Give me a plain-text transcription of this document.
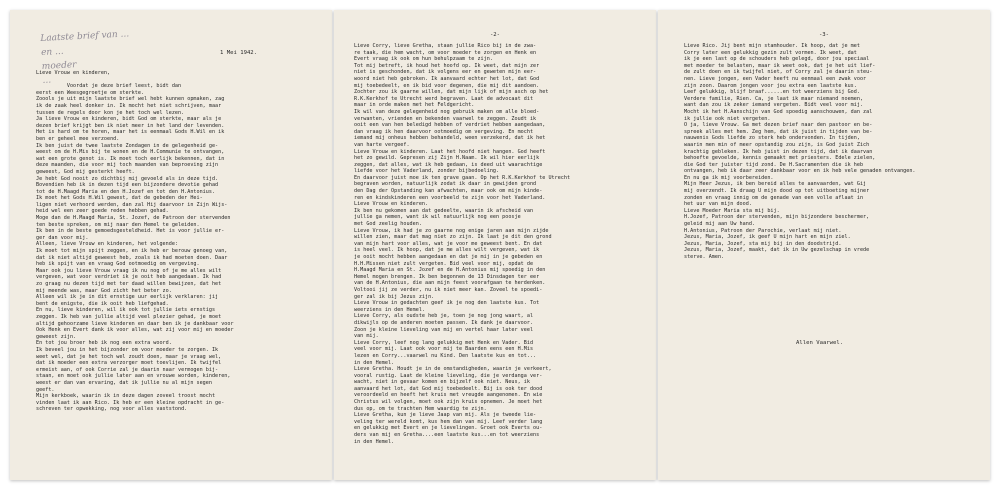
Laatste brief van ...
en ...
moeder
...
1 Mei 1942.
Lieve Vrouw en kinderen,

Voordat je deze brief leest, bidt dan
eerst een Weesgegroetje om sterkte.
Zoools je uit mijn laatste brief wel hebt kunnen opmaken, zag
ik de zaak heel donker in. Ik mocht het niet schrijven, maar
tussen de regels door kon je het toch wel lezen.
Ja lieve Vrouw en kinderen, bidt God om sterkte, maar als je
dezen brief krijgt ben ik niet meer in het land der levenden.
Het is hard om te horen, maar het is eenmaal Gods H.Wil en ik
ben er geheel mee verzoend.
Ik ben juist de twee laatste Zondagen in de gelegenheid ge-
weest om de H.Mis bij te wonen en de H.Communie te ontvangen,
wat een grote genot is. Ik moet toch eerlijk bekennen, dat in
deze maanden, die voor mij toch maanden van beproeving zijn
geweest, God mij gesterkt heeft.
Je hebt God nooit zo dichtbij mij gevoeld als in deze tijd.
Bovendien heb ik in dezen tijd een bijzondere devotie gehad
tot de H.Maagd Maria en den H.Jozef en tot den H.Antonius.
Ik moet het Gods H.Wil gewest, dat de gebeden der Hei-
ligen niet verhoord werden, dan zal Hij daarvoor in Zijn Wijs-
heid wel een zeer goede reden hebben gehad.
Moge dan de H.Maagd Maria, St. Jozef, de Patroon der stervenden
ten beste spreken, om mij naar den Hemel te geleiden.
Ik ben in de beste gemoedsgesteldheid. Het is voor jullie er-
ger dan voor mij.
Alleen, lieve Vrouw en kinderen, het volgende:
Ik moet tot mijn spijt zeggen, en ik heb er berouw genoeg van,
dat ik niet altijd geweest heb, zoals ik had moeten doen. Daar
heb ik spijt van en vraag God ootmoedig om vergeving.
Maar ook jou lieve Vrouw vraag ik nu nog of je me alles wilt
vergeven, wat voor verdriet ik je ooit heb aangedaan. Ik had
zo graag nu dezen tijd met ter daad willen bewijzen, dat het
mij meende was, maar God zicht het beter zo.
Alleen wil ik je in dit ernstige uur eerlijk verklaren: jij
bent de enigste, die ik ooit heb liefgehad.
En nu, lieve kinderen, wil ik ook tot jullie iets ernstigs
zeggen. Ik heb van jullie altijd veel plezier gehad, je moet
altijd gehoorzame lieve kinderen en daar ben ik je dankbaar voor
Ook Henk en Evert dank ik voor alles, wat zij voor mij en moeder
geweest zijn.
En tot jou broer heb ik nog een extra woord.
Ik beveel jou in het bijzonder om voor moeder te zorgen. Ik
weet wel, dat je het toch wel zoudt doen, maar je vraag wel,
dat ik moeder een extra verzorger moet toevlijen. Ik twijfel
ermeist aan, of ook Corrie zal je daarin naar vermogen bij-
staan, en moet ook jullie later aan en vrouwe worden, kinderen,
weest er dan van ervaring, dat ik jullie nu al mijn segen
geeft.
Mijn kerkboek, waarin ik in deze dagen zoveel troost mocht
vinden laat ik aan Rico. Ik heb er een kleine opdracht in ge-
schreven ter opwekking, nog voor alles vaststond.
-2-
Lieve Corry, lieve Gretha, staan jullie Rico bij in de zwa-
re taak, die hem wacht, om voor moeder te zorgen en Henk en
Evert vraag ik ook om hun behulpzaam te zijn.
Tot mij betreft, ik houd het hoofd op. Ik weet, dat mijn zer
niet is geschonden, dat ik volgens eer en geweten mijn eer-
woord niet heb gebroken. Ik aanvaard echter het lot, dat God
mij toebedeelt, en ik bid voor degenen, die mij dit aandoen.
Zochter zou ik gaarne willen, dat mijn lijk of mijn asch op het
R.K.Kerkhof te Utrecht werd begraven. Laat de advocaat dit
maar in orde maken met het Feldgericht.
Ik wil van deze gelegenheid nog gebruik maken om alle bloed-
verwanten, vrienden en bekenden vaarwel te zeggen. Zoudt ik
ooit een van hen beledigd hebben of verdriet hebben aangedaan,
dan vraag ik hen daarvoor ootmoedig om vergeving. En mocht
iemand mij onheus hebben behandeld, ween verzekerd, dat ik het
van harte vergeef.
Lieve Vrouw en kinderen. Laat het hoofd niet hangen. God heeft
het zo gewild. Gepresen zij Zijn H.Naam. Ik wil hier eerlijk
zeggen, dat alles, wat ik heb gedaan, is deed uit waarachtige
liefde voor het Vaderland, zonder bijbedoeling.
En daarvoor juist moe ik ten grave gaan. Op het R.K.Kerkhof te Utrecht
begraven worden, natuurlijk zodat ik daar in gewijden grond
den Dag der Opstanding kan afwachten, maar ook om mijn kinde-
ren en kindskinderen een voorbeeld te zijn voor het Vaderland.
Lieve Vrouw en kinderen.
Ik ben nu gekomen aan dat gedeelte, waarin ik afscheid van
jullie ga nemen, want ik wil natuurlijk nog een poosje
met God zeelig houden.
Lieve Vrouw, ik had je zo gaarne nog enige jaren aan mijn zijde
willen zien, maar dat mag niet zo zijn. Ik laat je dit den grond
van mijn hart voor alles, wat je voor me geweest bent. En dat
is heel veel. Ik hoop, dat je me alles wilt vergeven, wat ik
je ooit mocht hebben aangedaan en dat je mij in je gebeden en
H.H.Missen niet zult vergeten. Bid veel voor mij, opdat de
H.Maagd Maria en St. Jozef en de H.Antonius mij spoedig in den
Hemel mogen brengen. Ik ben begonnen de 13 Dinsdagen ter eer
van de H.Antonius, die aan mijn feest voorafgaan te herdenken.
Voltooi jij ze verder, nu ik niet meer kan. Zoveel te spoedi-
ger zal ik bij Jezus zijn.
Lieve Vrouw in gedachten geef ik je nog den laatste kus. Tot
weerziens in den Hemel.
Lieve Corry, als oudste heb je, toen je nog jong waart, al
dikwijls op de anderen moeten passen. Ik dank je daarvoor.
Zoon je kleine lieveling van mij en vertel haar later veel
van mij.
Lieve Corry, leef nog lang gelukkig met Henk en Vader. Bid
veel voor mij. Laat ook voor mij te Baarden eens een H.Mis
lezen en Corry...vaarwel nu Kind. Den laatste kus en tot...
in den Hemel.
Lieve Gretha. Houdt je in de omstandigheden, waarin je verkeert,
vooral rustig. Laat de kleine lieveling, die je verdanga ver-
wacht, niet in gevaar komen en bijzelf ook niet. Neus, ik
aanvaard het lot, dat God mij toebedeelt. Bij is ook ter dood
veroordeeld en heeft het kruis met vreugde aangenomen. En wie
Christus wil volgen, moet ook zijn kruis opnemen. Je moet het
dus op, om te trachten Hem waardig te zijn.
Lieve Gretha, kun je lieve Jaap van mij. Als je tweede lie-
veling ter wereld komt, kus hem dan van mij. Leef verder lang
en gelukkig met Evert en je lievelingen. Groet ook Everts ou-
ders van mij en Gretha....een laatste kus...en tot weerziens
in den Hemel.
-3-
Lieve Rico. Jij bent mijn stamhouder. Ik hoop, dat je met
Corry later een gelukkig gezin zult vormen. Ik weet, dat
ik je een last op de schouders heb gelegd, door jou speciaal
met moeder te belasten, maar ik weet ook, dat je het uit lief-
de zult doen en ik twijfel niet, of Corry zal je daarin steu-
nen. Lieve jongen, een Vader heeft nu eenmaal een zwak voor
zijn zoon. Daarom jongen voor jou extra een laatste kus.
Leef gelukkig, blijf braaf......en tot weerziens bij God.
Verdere familie, Rien. Ca, je laat ik maar niemand noemen,
want dan zou ik zeker iemand vergeten. Bidt veel voor mij.
Mocht ik het H.Aanschijn van God spoedig aanschouwen, dan zal
ik jullie ook niet vergeten.
O ja, lieve Vrouw. Ga met dezen brief naar den pastoor en be-
spreek alles met hem. Zeg hem, dat ik juist in tijden van be-
nauwenis Gods liefde zo sterk heb ondervonden. In tijden,
waarin men min of meer opstandig zou zijn, is God juist Zich
krachtig gebleken. Ik heb juist in dezen tijd, dat ik daarvan
behoefte gevoelde, kennis gemaakt met priesters. Edele zielen,
die God ter juister tijd zond. De H.Sacramenten die ik heb
ontvangen, heb ik daar zeer dankbaar voor en ik heb vele genaden ontvangen.
En nu ga ik mij voorbereiden.
Mijn Heer Jezus, ik ben bereid alles te aanvaarden, wat Gij
mij overzendt. Ik draag U mijn dood op tot uitboeting mijner
zonden en vraag innig om de genade van een volle aflaat in
het uur van mijn dood.
Lieve Moeder Maria sta mij bij.
H.Jozef, Patroon der stervenden, mijn bijzondere beschermer,
geleid mij aan Uw hand.
H.Antonius, Patroon der Parochie, verlaat mij niet.
Jezus, Maria, Jozef, ik geef U mijn hart en mijn ziel.
Jezus, Maria, Jozef, sta mij bij in den doodstrijd.
Jezus, Maria, Jozef, maakt, dat ik in Uw gezelschap in vrede
sterve. Amen.
Allen Vaarwel.
